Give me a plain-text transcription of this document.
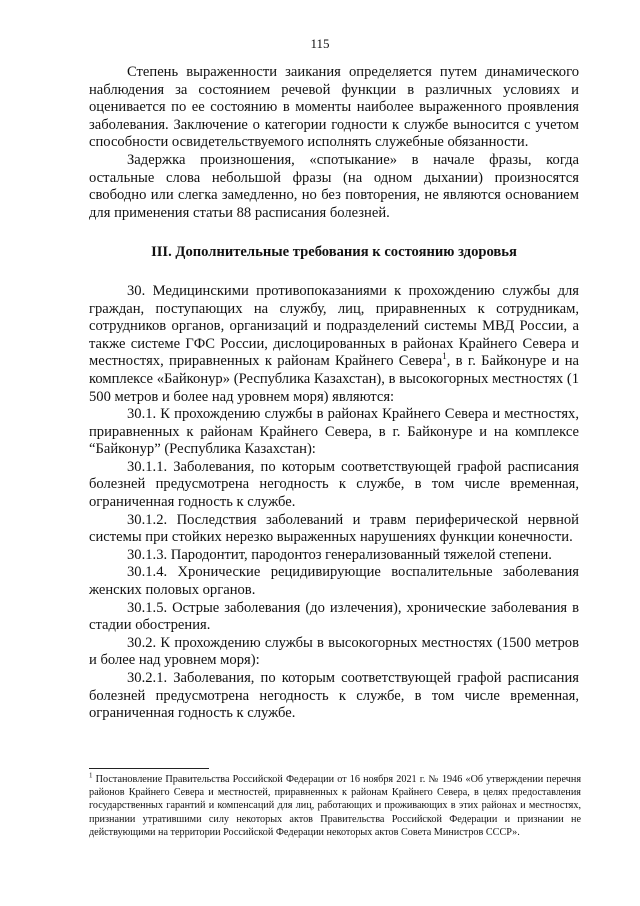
115

Степень выраженности заикания определяется путем динамического наблюдения за состоянием речевой функции в различных условиях и оценивается по ее состоянию в моменты наиболее выраженного проявления заболевания. Заключение о категории годности к службе выносится с учетом способности освидетельствуемого исполнять служебные обязанности.

Задержка произношения, «спотыкание» в начале фразы, когда остальные слова небольшой фразы (на одном дыхании) произносятся свободно или слегка замедленно, но без повторения, не являются основанием для применения статьи 88 расписания болезней.

III. Дополнительные требования к состоянию здоровья

30. Медицинскими противопоказаниями к прохождению службы для граждан, поступающих на службу, лиц, приравненных к сотрудникам, сотрудников органов, организаций и подразделений системы МВД России, а также системе ГФС России, дислоцированных в районах Крайнего Севера и местностях, приравненных к районам Крайнего Севера$^1$, в г. Байконуре и на комплексе «Байконур» (Республика Казахстан), в высокогорных местностях (1 500 метров и более над уровнем моря) являются:

30.1. К прохождению службы в районах Крайнего Севера и местностях, приравненных к районам Крайнего Севера, в г. Байконуре и на комплексе “Байконур” (Республика Казахстан):

30.1.1. Заболевания, по которым соответствующей графой расписания болезней предусмотрена негодность к службе, в том числе временная, ограниченная годность к службе.

30.1.2. Последствия заболеваний и травм периферической нервной системы при стойких нерезко выраженных нарушениях функции конечности.

30.1.3. Пародонтит, пародонтоз генерализованный тяжелой степени.

30.1.4. Хронические рецидивирующие воспалительные заболевания женских половых органов.

30.1.5. Острые заболевания (до излечения), хронические заболевания в стадии обострения.

30.2. К прохождению службы в высокогорных местностях (1500 метров и более над уровнем моря):

30.2.1. Заболевания, по которым соответствующей графой расписания болезней предусмотрена негодность к службе, в том числе временная, ограниченная годность к службе.

$^1$ Постановление Правительства Российской Федерации от 16 ноября 2021 г. № 1946 «Об утверждении перечня районов Крайнего Севера и местностей, приравненных к районам Крайнего Севера, в целях предоставления государственных гарантий и компенсаций для лиц, работающих и проживающих в этих районах и местностях, признании утратившими силу некоторых актов Правительства Российской Федерации и признании не действующими на территории Российской Федерации некоторых актов Совета Министров СССР».
